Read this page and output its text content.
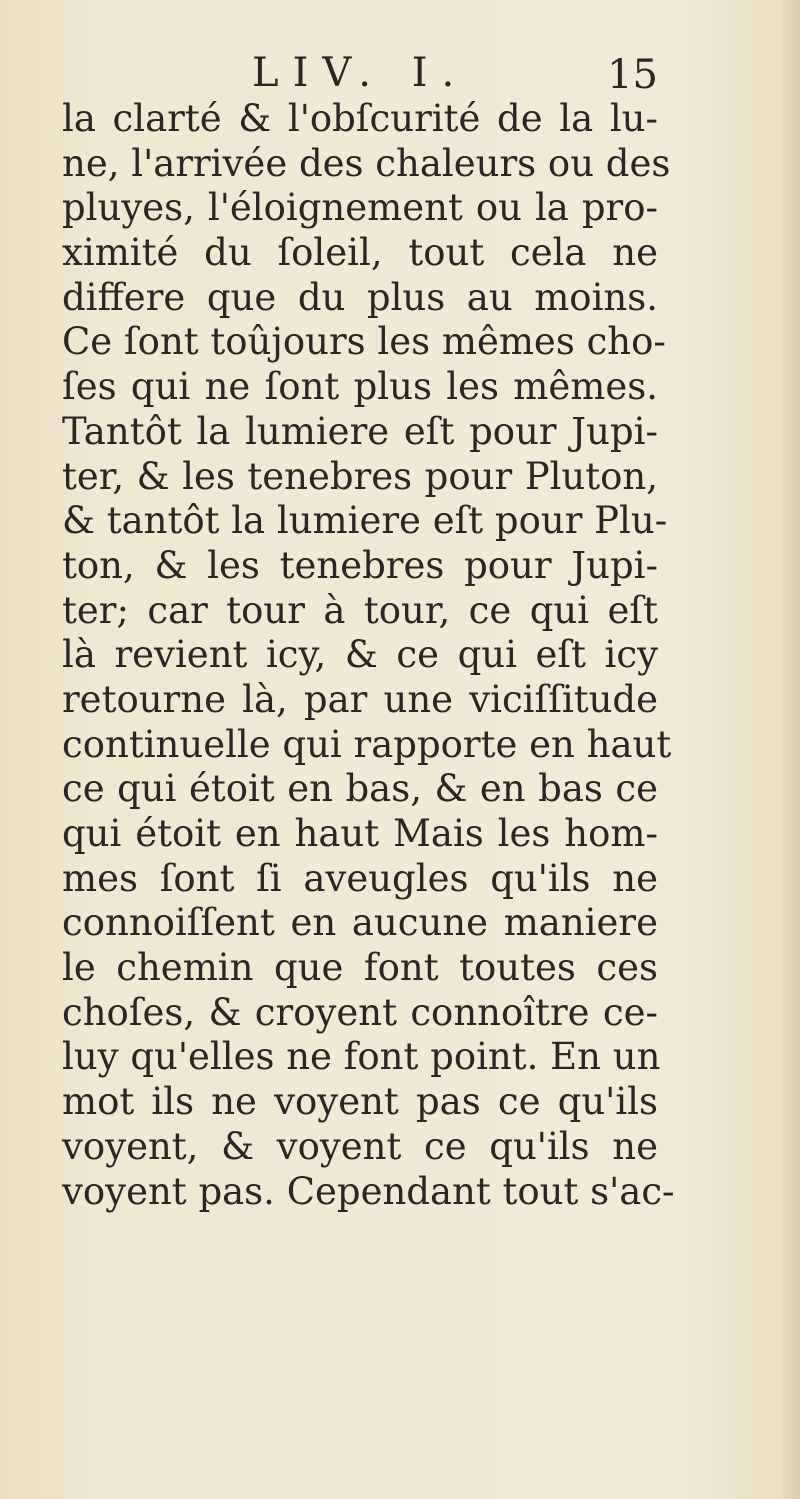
LIV. I.	15
la clarté & l'obſcurité de la lu-
ne, l'arrivée des chaleurs ou des
pluyes, l'éloignement ou la pro-
ximité du ſoleil, tout cela ne
differe que du plus au moins.
Ce ſont toûjours les mêmes cho-
ſes qui ne ſont plus les mêmes.
Tantôt la lumiere eſt pour Jupi-
ter, & les tenebres pour Pluton,
& tantôt la lumiere eſt pour Plu-
ton, & les tenebres pour Jupi-
ter; car tour à tour, ce qui eſt
là revient icy, & ce qui eſt icy
retourne là, par une viciſſitude
continuelle qui rapporte en haut
ce qui étoit en bas, & en bas ce
qui étoit en haut Mais les hom-
mes ſont ſi aveugles qu'ils ne
connoiſſent en aucune maniere
le chemin que font toutes ces
choſes, & croyent connoître ce-
luy qu'elles ne font point. En un
mot ils ne voyent pas ce qu'ils
voyent, & voyent ce qu'ils ne
voyent pas. Cependant tout s'ac-
